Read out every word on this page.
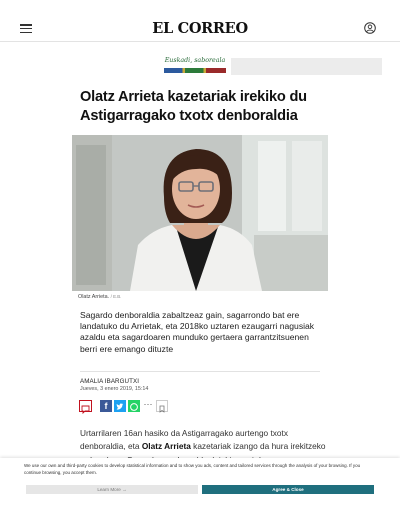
EL CORREO
Euskadi, saboreala
Olatz Arrieta kazetariak irekiko du Astigarragako txotx denboraldia
Olatz Arrieta. / E.B.

Sagardo denboraldia zabaltzeaz gain, sagarrondo bat ere landatuko du Arrietak, eta 2018ko uztaren ezaugarri nagusiak azaldu eta sagardoaren munduko gertaera garrantzitsuenen berri ere emango dituzte

AMALIA IBARGUTXI
Jueves, 3 enero 2019, 15:14
f	···

Urtarrilaren 16an hasiko da Astigarragako aurtengo txotx denboraldia, eta Olatz Arrieta kazetariak izango da hura irekitzeko

We use our own and third-party cookies to develop statistical information and to show you ads, content and tailored services through the analysis of your browsing. If you continue browsing, you accept them.

Learn More →	Agree & Close
